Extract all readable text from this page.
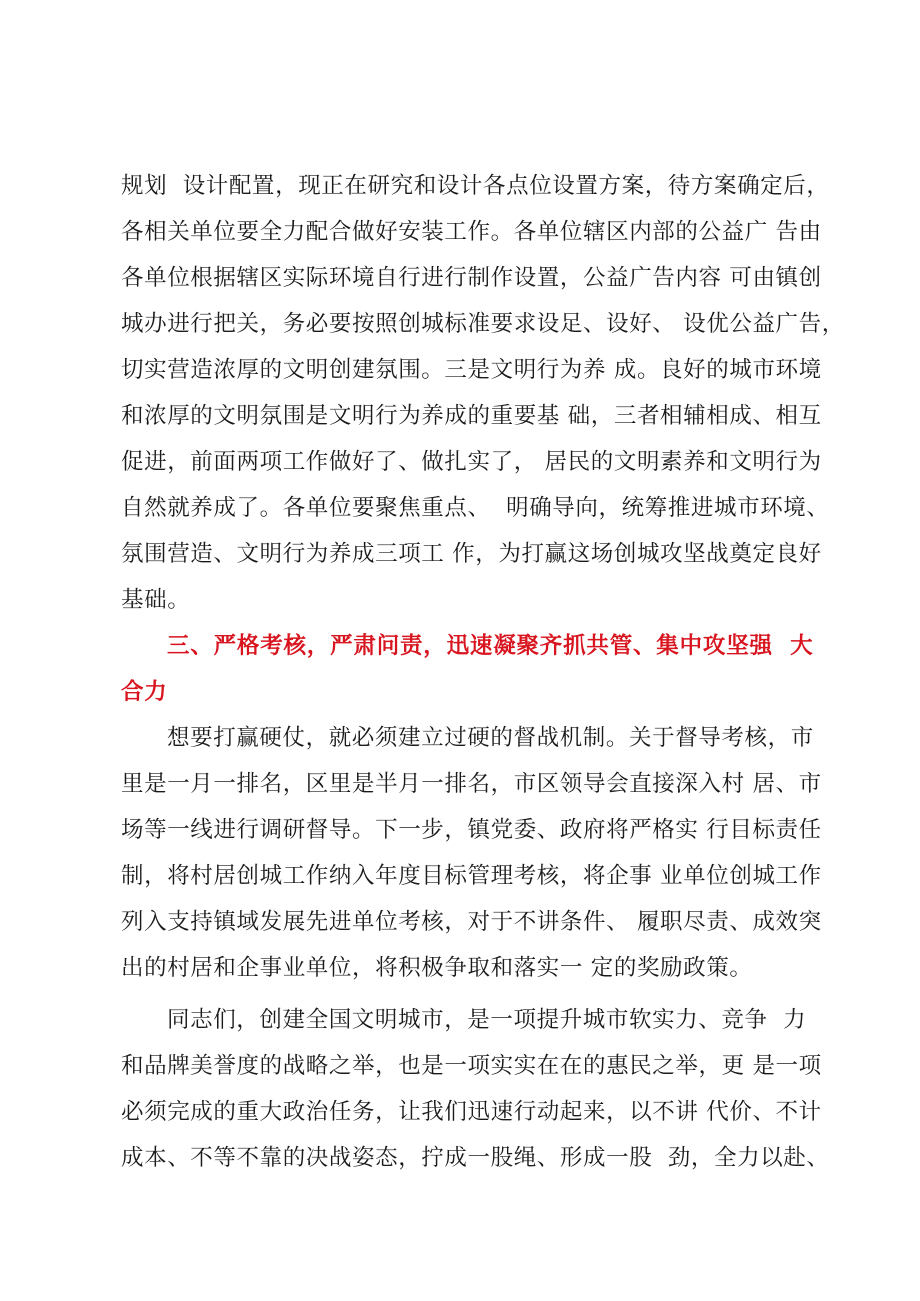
规划  设计配置，现正在研究和设计各点位设置方案，待方案确定后，
各相关单位要全力配合做好安装工作。各单位辖区内部的公益广 告由
各单位根据辖区实际环境自行进行制作设置，公益广告内容 可由镇创
城办进行把关，务必要按照创城标准要求设足、设好、 设优公益广告，
切实营造浓厚的文明创建氛围。三是文明行为养 成。良好的城市环境
和浓厚的文明氛围是文明行为养成的重要基 础，三者相辅相成、相互
促进，前面两项工作做好了、做扎实了， 居民的文明素养和文明行为
自然就养成了。各单位要聚焦重点、  明确导向，统筹推进城市环境、
氛围营造、文明行为养成三项工 作，为打赢这场创城攻坚战奠定良好
基础。
三、严格考核，严肃问责，迅速凝聚齐抓共管、集中攻坚强  大
合力
想要打赢硬仗，就必须建立过硬的督战机制。关于督导考核，市
里是一月一排名，区里是半月一排名，市区领导会直接深入村 居、市
场等一线进行调研督导。下一步，镇党委、政府将严格实 行目标责任
制，将村居创城工作纳入年度目标管理考核，将企事 业单位创城工作
列入支持镇域发展先进单位考核，对于不讲条件、 履职尽责、成效突
出的村居和企事业单位，将积极争取和落实一 定的奖励政策。
同志们，创建全国文明城市，是一项提升城市软实力、竞争  力
和品牌美誉度的战略之举，也是一项实实在在的惠民之举，更 是一项
必须完成的重大政治任务，让我们迅速行动起来，以不讲 代价、不计
成本、不等不靠的决战姿态，拧成一股绳、形成一股  劲，全力以赴、
